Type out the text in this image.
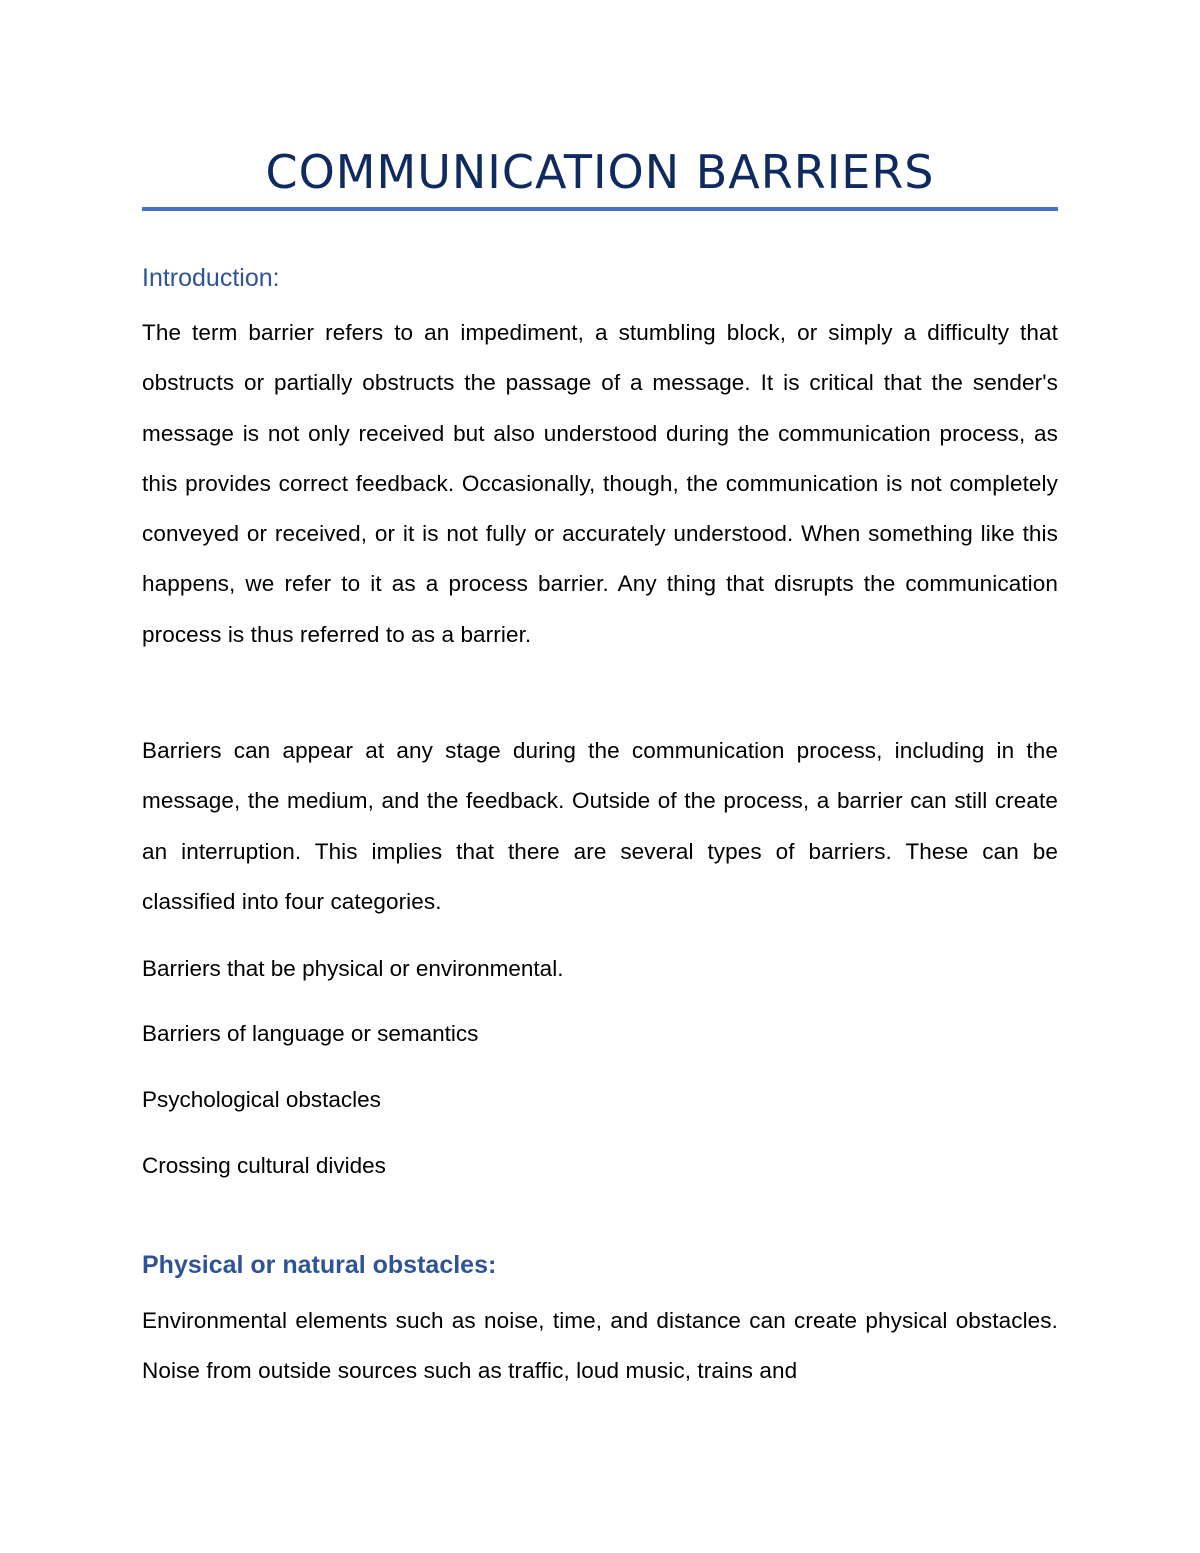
COMMUNICATION BARRIERS
Introduction:

The term barrier refers to an impediment, a stumbling block, or simply a difficulty that obstructs or partially obstructs the passage of a message. It is critical that the sender's message is not only received but also understood during the communication process, as this provides correct feedback. Occasionally, though, the communication is not completely conveyed or received, or it is not fully or accurately understood. When something like this happens, we refer to it as a process barrier. Any thing that disrupts the communication process is thus referred to as a barrier.

Barriers can appear at any stage during the communication process, including in the message, the medium, and the feedback. Outside of the process, a barrier can still create an interruption. This implies that there are several types of barriers. These can be classified into four categories.

Barriers that be physical or environmental.

Barriers of language or semantics

Psychological obstacles

Crossing cultural divides

Physical or natural obstacles:

Environmental elements such as noise, time, and distance can create physical obstacles. Noise from outside sources such as traffic, loud music, trains and
